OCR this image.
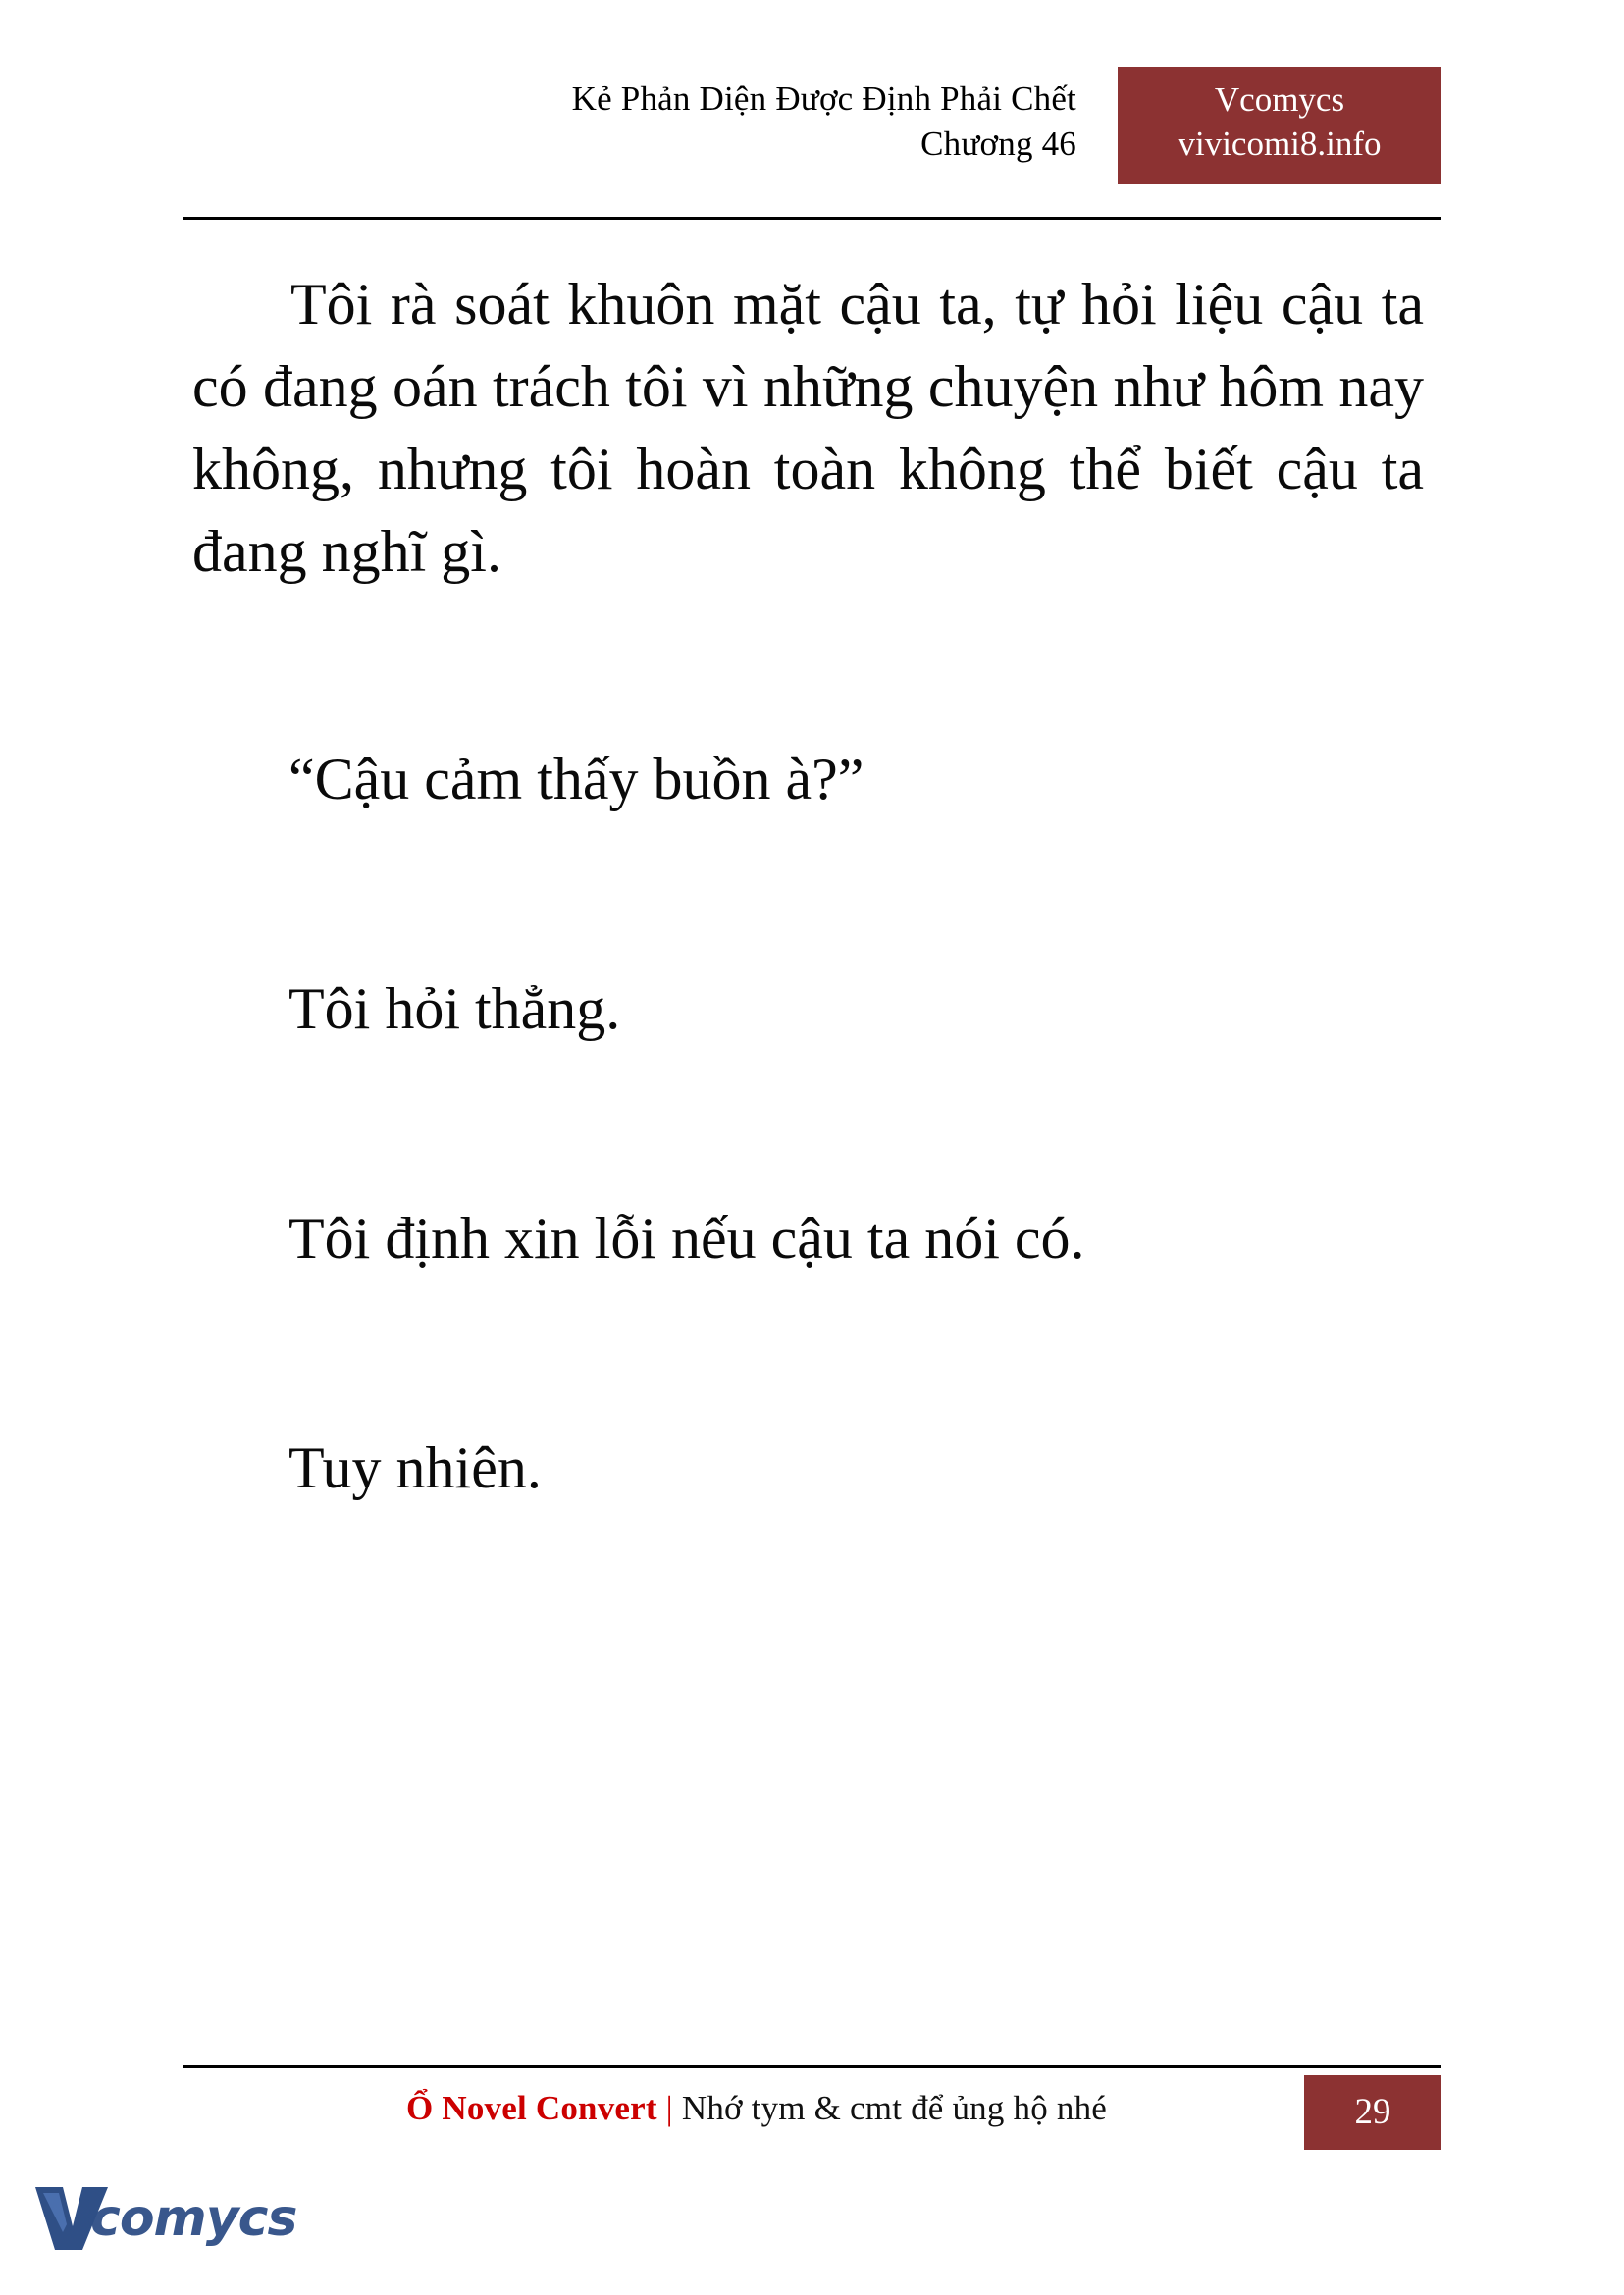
Kẻ Phản Diện Được Định Phải Chết
Chương 46
Vcomycs
vivicomi8.info

Tôi rà soát khuôn mặt cậu ta, tự hỏi liệu cậu ta có đang oán trách tôi vì những chuyện như hôm nay không, nhưng tôi hoàn toàn không thể biết cậu ta đang nghĩ gì.

“Cậu cảm thấy buồn à?”

Tôi hỏi thẳng.

Tôi định xin lỗi nếu cậu ta nói có.

Tuy nhiên.

Ổ Novel Convert | Nhớ tym & cmt để ủng hộ nhé	29
comycs
